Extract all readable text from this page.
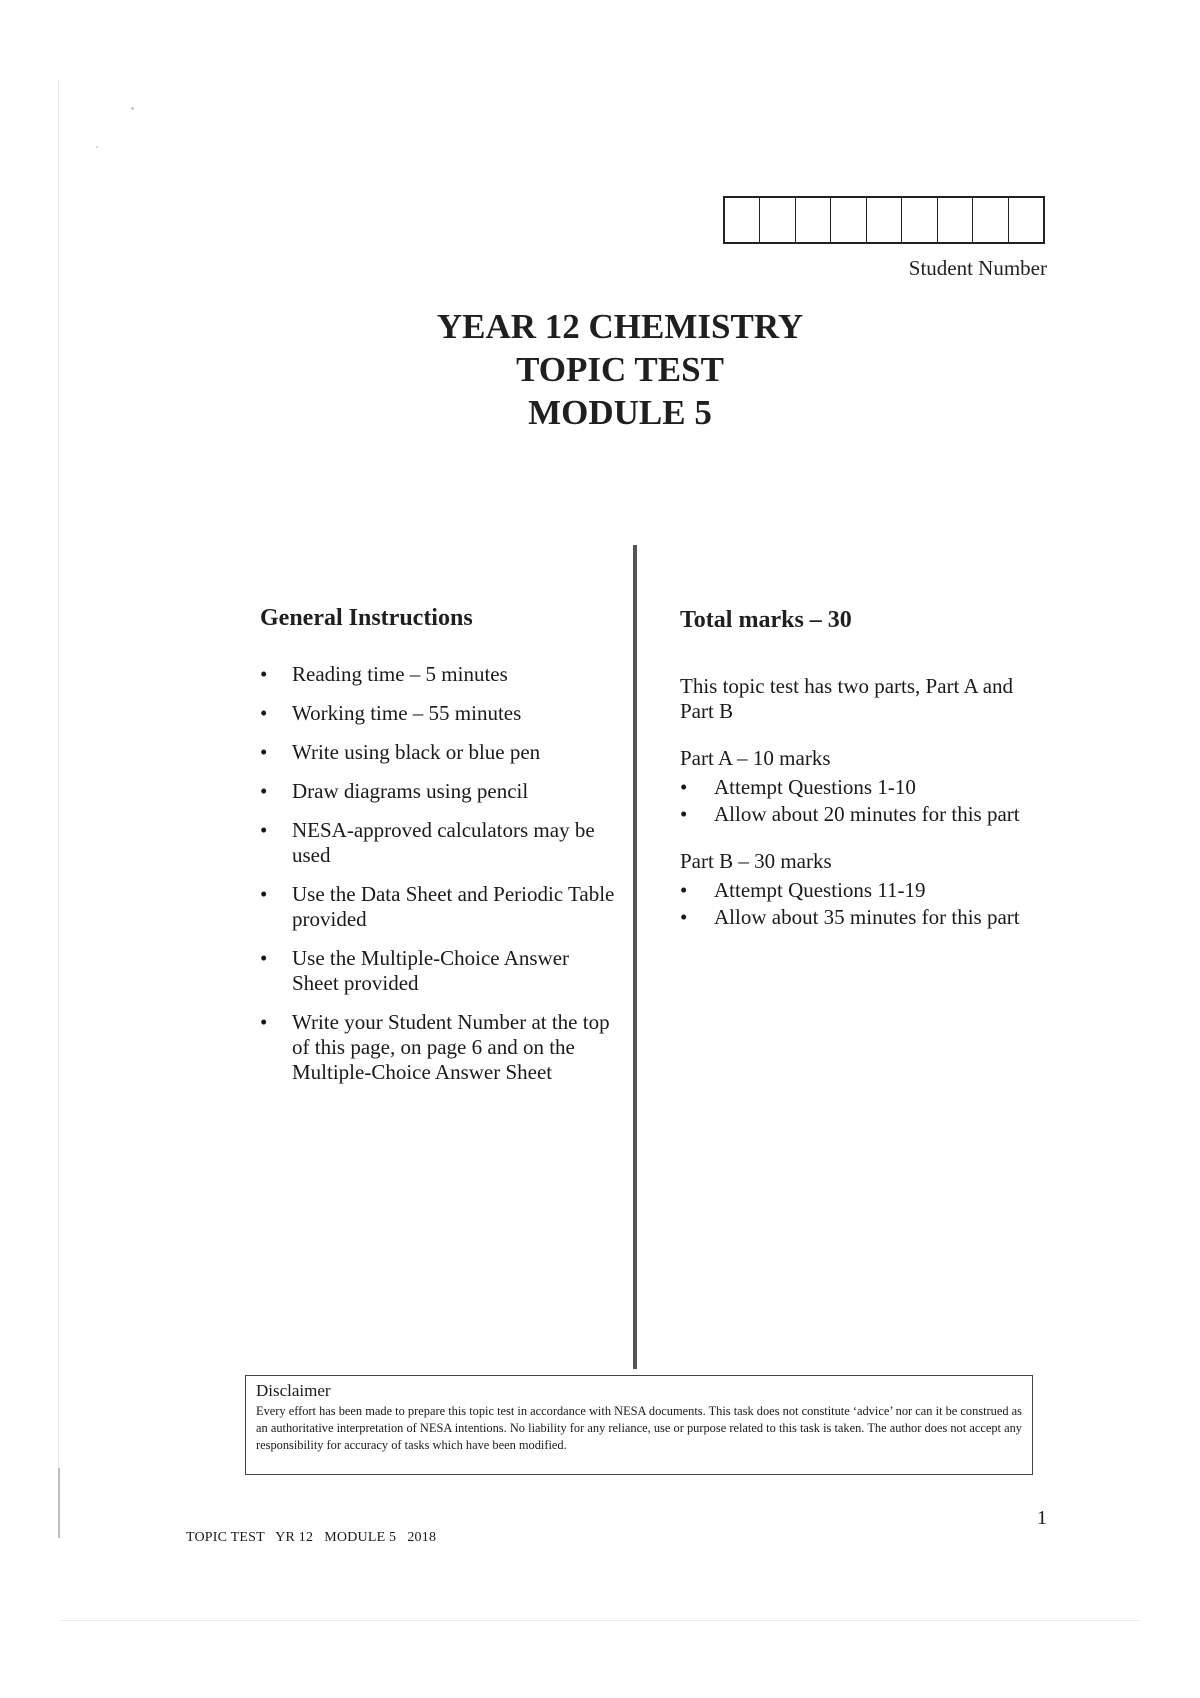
Student Number
YEAR 12 CHEMISTRY
TOPIC TEST
MODULE 5
General Instructions
• Reading time – 5 minutes
• Working time – 55 minutes
• Write using black or blue pen
• Draw diagrams using pencil
• NESA-approved calculators may be used
• Use the Data Sheet and Periodic Table provided
• Use the Multiple-Choice Answer Sheet provided
• Write your Student Number at the top of this page, on page 6 and on the Multiple-Choice Answer Sheet
Total marks – 30

This topic test has two parts, Part A and Part B

Part A – 10 marks

• Attempt Questions 1-10
• Allow about 20 minutes for this part

Part B – 30 marks

• Attempt Questions 11-19
• Allow about 35 minutes for this part

Disclaimer

Every effort has been made to prepare this topic test in accordance with NESA documents. This task does not constitute ‘advice’ nor can it be construed as an authoritative interpretation of NESA intentions. No liability for any reliance, use or purpose related to this task is taken. The author does not accept any responsibility for accuracy of tasks which have been modified.

1
TOPIC TEST   YR 12   MODULE 5   2018
